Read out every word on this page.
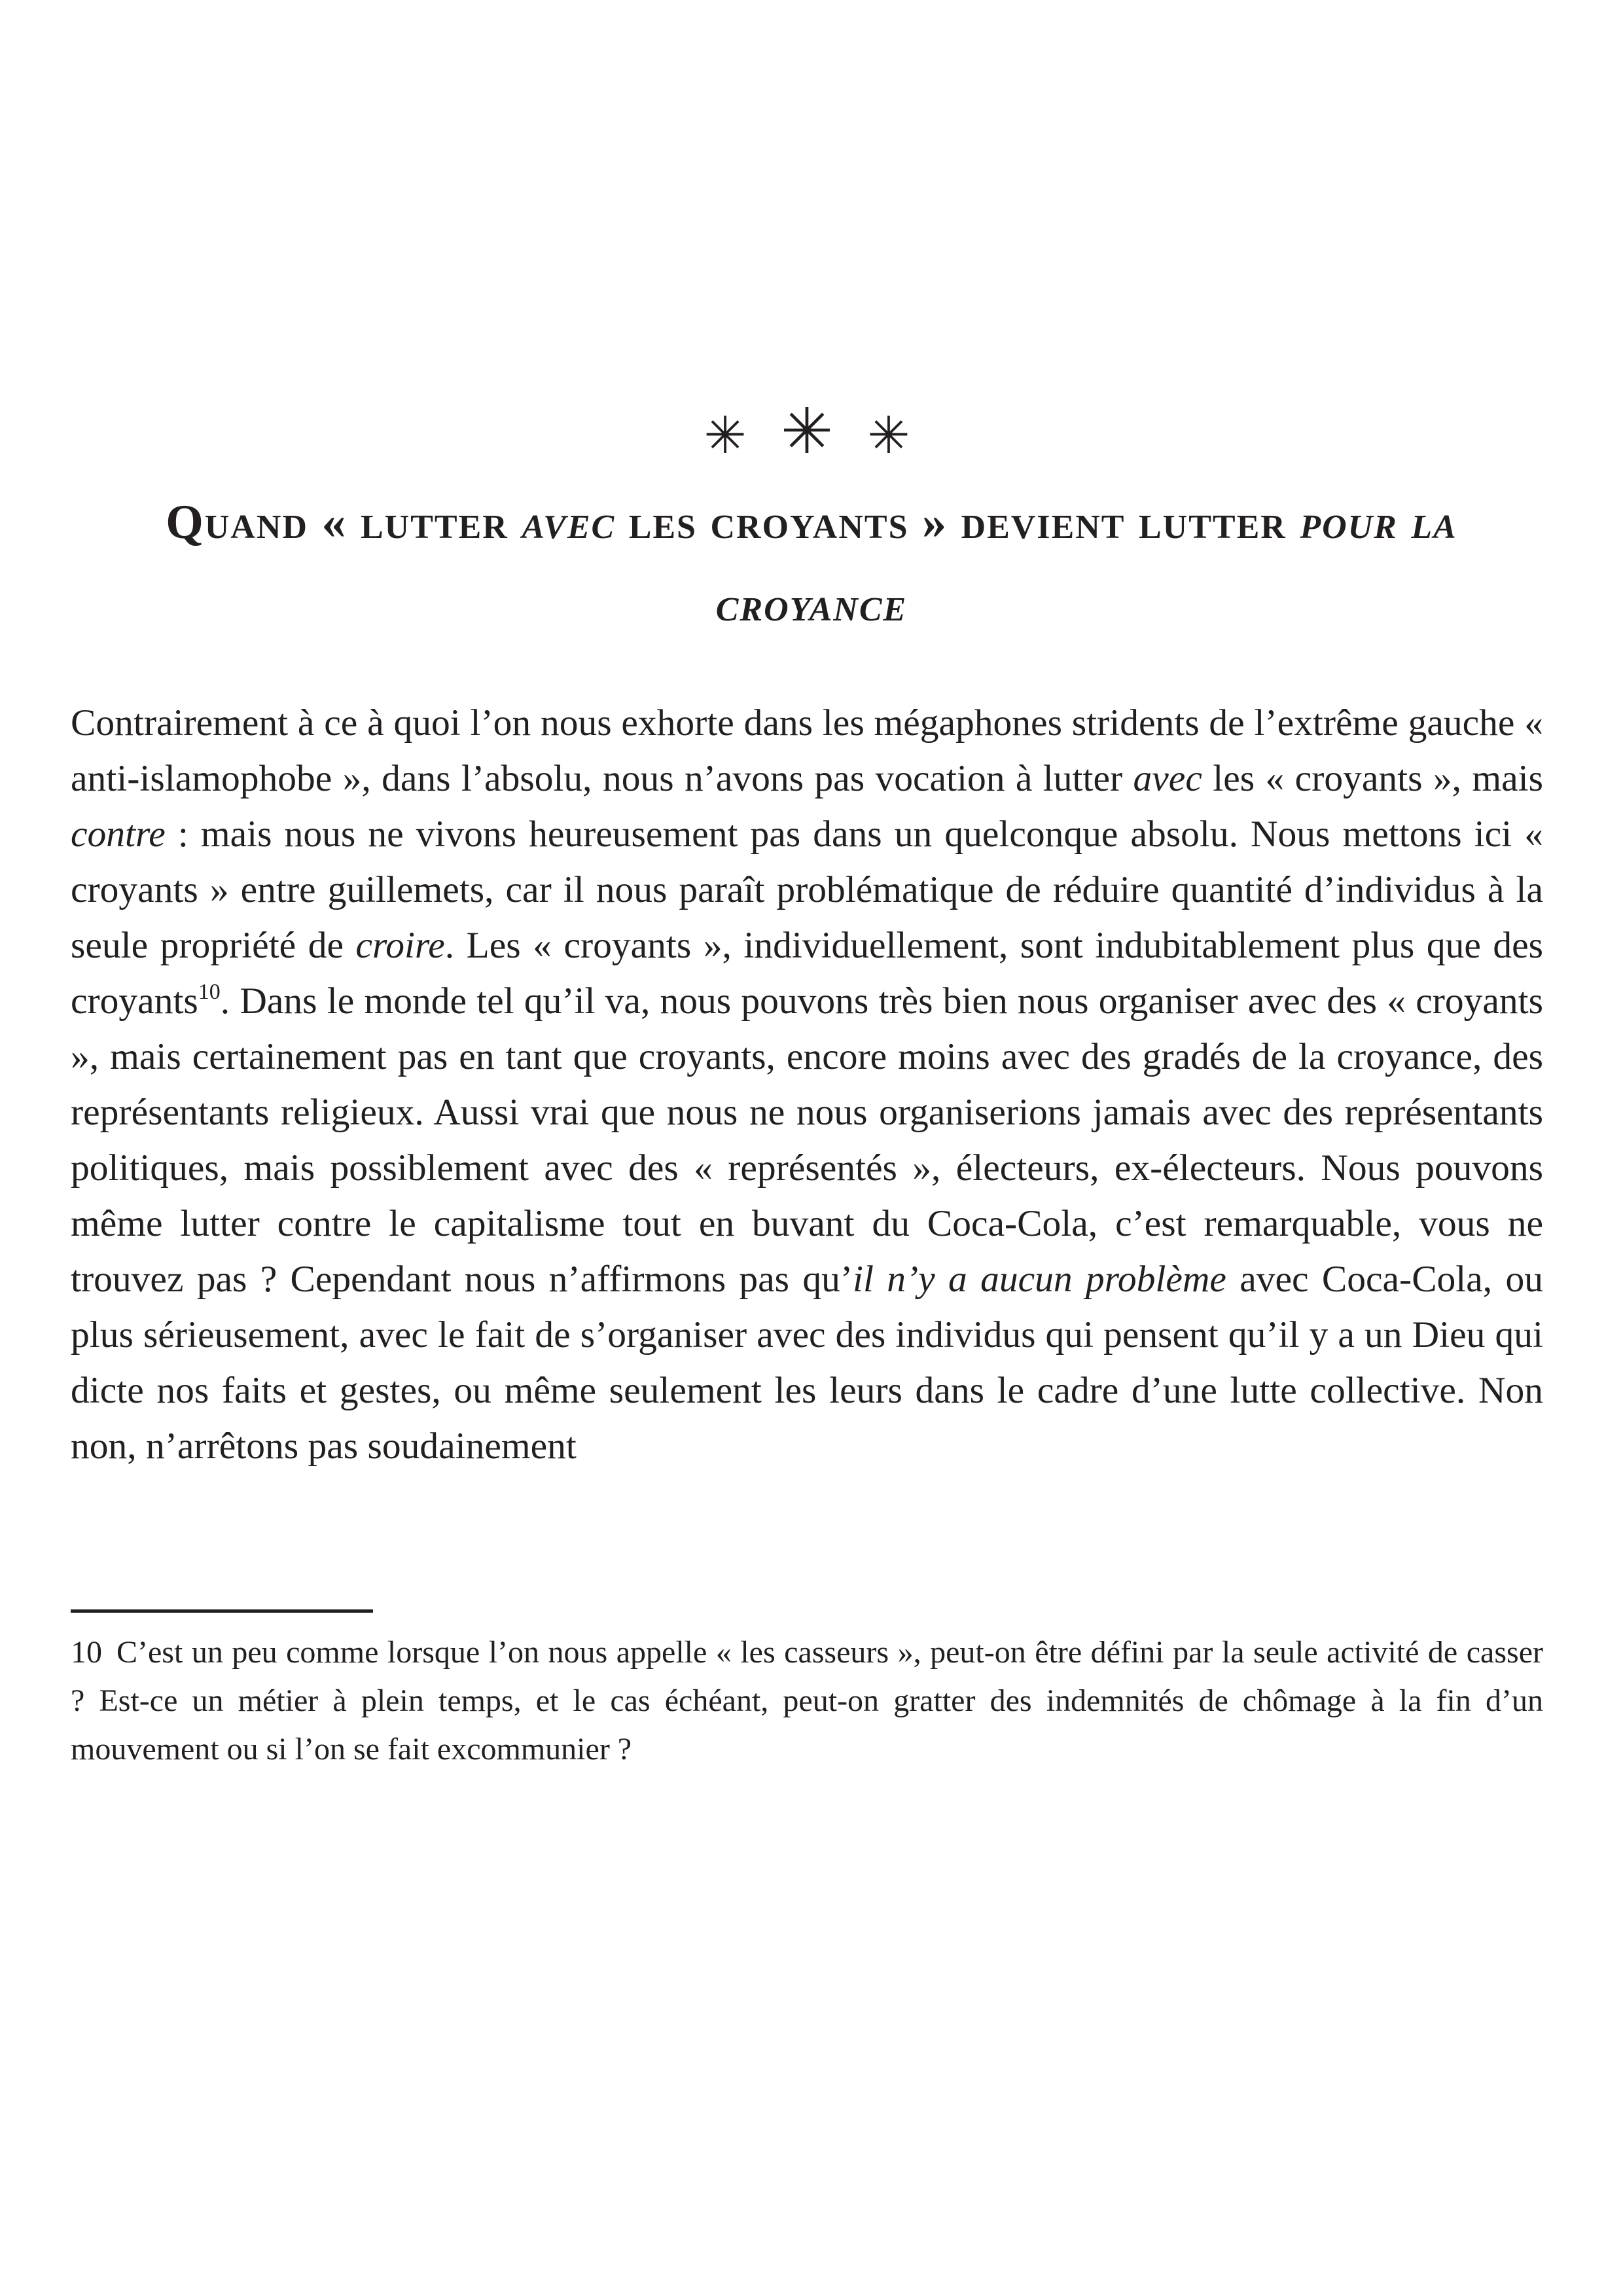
✳ ✳ ✳
Quand « lutter avec les croyants » devient lutter pour la croyance

Contrairement à ce à quoi l’on nous exhorte dans les mégaphones stridents de l’extrême gauche « anti-islamophobe », dans l’absolu, nous n’avons pas vocation à lutter avec les « croyants », mais contre : mais nous ne vivons heureusement pas dans un quelconque absolu. Nous mettons ici « croyants » entre guillemets, car il nous paraît problématique de réduire quantité d’individus à la seule propriété de croire. Les « croyants », individuellement, sont indubitablement plus que des croyants$^{10}$. Dans le monde tel qu’il va, nous pouvons très bien nous organiser avec des « croyants », mais certainement pas en tant que croyants, encore moins avec des gradés de la croyance, des représentants religieux. Aussi vrai que nous ne nous organiserions jamais avec des représentants politiques, mais possiblement avec des « représentés », électeurs, ex-électeurs. Nous pouvons même lutter contre le capitalisme tout en buvant du Coca-Cola, c’est remarquable, vous ne trouvez pas ? Cependant nous n’affirmons pas qu’il n’y a aucun problème avec Coca-Cola, ou plus sérieusement, avec le fait de s’organiser avec des individus qui pensent qu’il y a un Dieu qui dicte nos faits et gestes, ou même seulement les leurs dans le cadre d’une lutte collective. Non non, n’arrêtons pas soudainement

10 C’est un peu comme lorsque l’on nous appelle « les casseurs », peut-on être défini par la seule activité de casser ? Est-ce un métier à plein temps, et le cas échéant, peut-on gratter des indemnités de chômage à la fin d’un mouvement ou si l’on se fait excommunier ?
